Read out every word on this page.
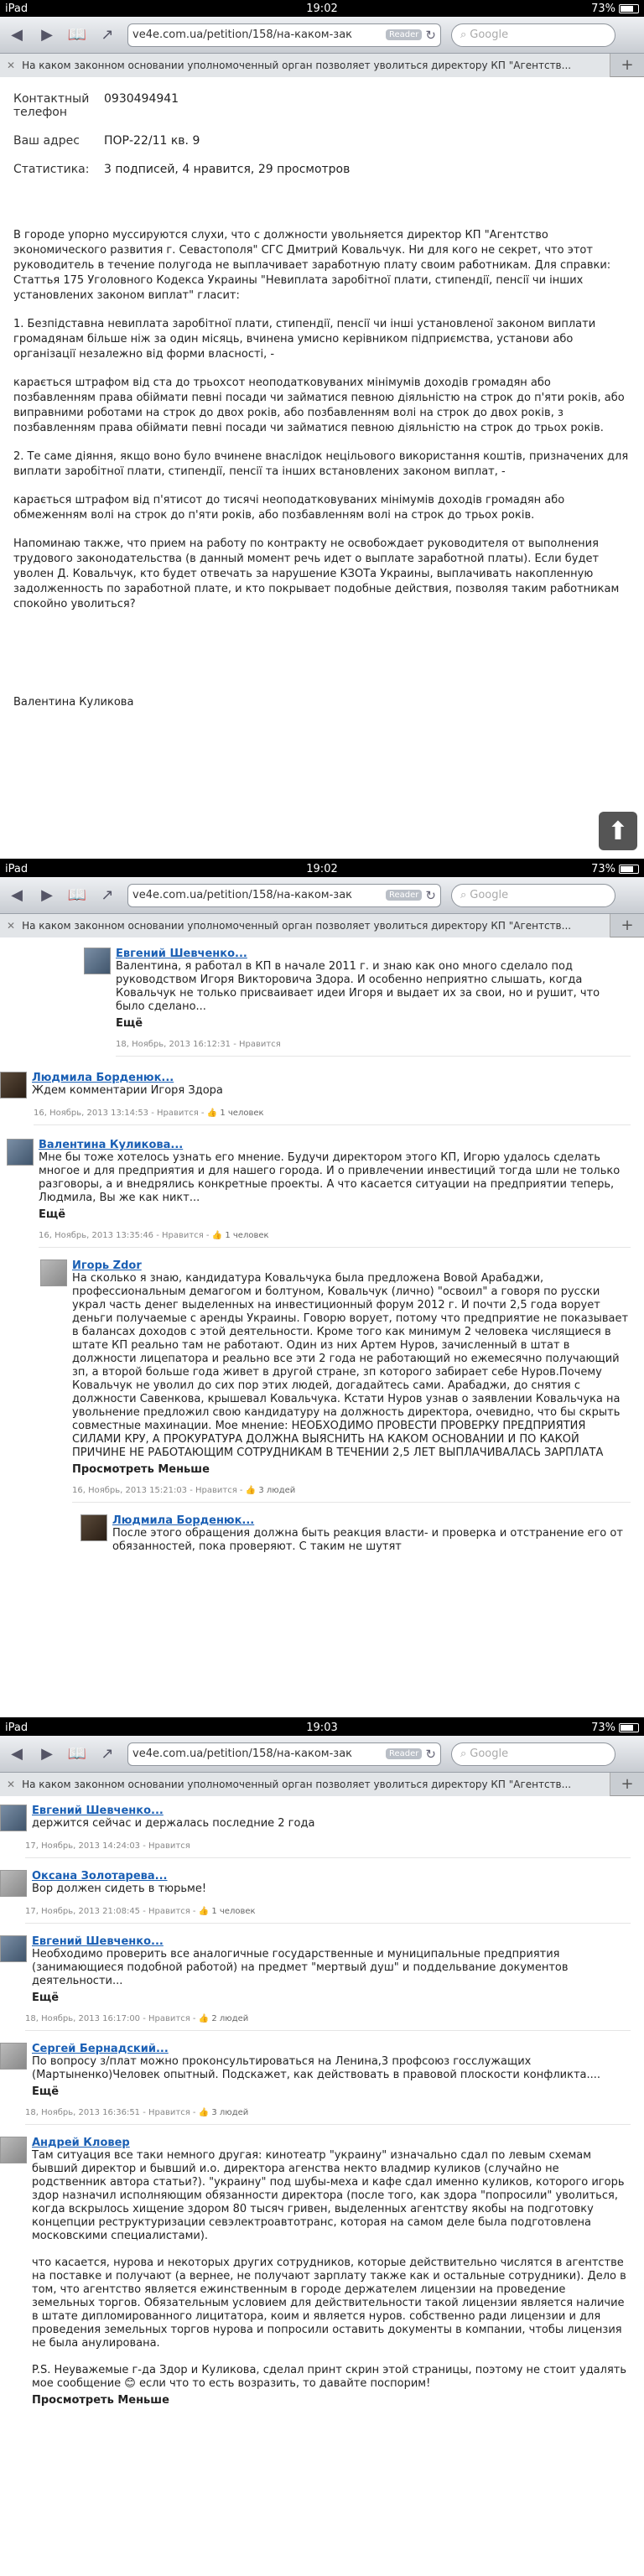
iPad	19:02	73%
◀ ▶ 📖 ↗	ve4e.com.ua/petition/158/на-каком-зак	Reader ↻ ⌕ Google
✕ На каком законном основании уполномоченный орган позволяет уволиться директору КП "Агентств...	+
Контактный телефон
0930494941
Ваш адрес	ПОР-22/11 кв. 9
Статистика:	3 подписей, 4 нравится, 29 просмотров

В городе упорно муссируются слухи, что с должности увольняется директор КП "Агентство экономического развития г. Севастополя" СГС Дмитрий Ковальчук. Ни для кого не секрет, что этот руководитель в течение полугода не выплачивает заработную плату своим работникам. Для справки: Статтья 175 Уголовного Кодекса Украины "Невиплата заробітної плати, стипендії, пенсії чи інших установлених законом виплат" гласит:

1. Безпідставна невиплата заробітної плати, стипендії, пенсії чи інші установленої законом виплати громадянам більше ніж за один місяць, вчинена умисно керівником підприємства, установи або організації незалежно від форми власності, -

карається штрафом від ста до трьохсот неоподатковуваних мінімумів доходів громадян або позбавленням права обіймати певні посади чи займатися певною діяльністю на строк до п'яти років, або виправними роботами на строк до двох років, або позбавленням волі на строк до двох років, з позбавленням права обіймати певні посади чи займатися певною діяльністю на строк до трьох років.

2. Те саме діяння, якщо воно було вчинене внаслідок нецільового використання коштів, призначених для виплати заробітної плати, стипендії, пенсії та інших встановлених законом виплат, -

карається штрафом від п'ятисот до тисячі неоподатковуваних мінімумів доходів громадян або обмеженням волі на строк до п'яти років, або позбавленням волі на строк до трьох років.

Напоминаю также, что прием на работу по контракту не освобождает руководителя от выполнения трудового законодательства (в данный момент речь идет о выплате заработной платы). Если будет уволен Д. Ковальчук, кто будет отвечать за нарушение КЗОТа Украины, выплачивать накопленную задолженность по заработной плате, и кто покрывает подобные действия, позволяя таким работникам спокойно уволиться?

Валентина Куликова
⬆
iPad	19:02	73%
◀ ▶ 📖 ↗	ve4e.com.ua/petition/158/на-каком-зак	Reader ↻ ⌕ Google
✕ На каком законном основании уполномоченный орган позволяет уволиться директору КП "Агентств...	+
Евгений Шевченко...
Валентина, я работал в КП в начале 2011 г. и знаю как оно много сделало под руководством Игоря Викторовича Здора. И особенно неприятно слышать, когда Ковальчук не только присваивает идеи Игоря и выдает их за свои, но и рушит, что было сделано...
Ещё
18, Ноябрь, 2013 16:12:31 - Нравится
Людмила Борденюк...
Ждем комментарии Игоря Здора
16, Ноябрь, 2013 13:14:53 - Нравится - 👍 1 человек
Валентина Куликова...
Мне бы тоже хотелось узнать его мнение. Будучи директором этого КП, Игорю удалось сделать многое и для предприятия и для нашего города. И о привлечении инвестиций тогда шли не только разговоры, а и внедрялись конкретные проекты. А что касается ситуации на предприятии теперь, Людмила, Вы же как никт...
Ещё
16, Ноябрь, 2013 13:35:46 - Нравится - 👍 1 человек
Игорь Zdor
На сколько я знаю, кандидатура Ковальчука была предложена Вовой Арабаджи, профессиональным демагогом и болтуном, Ковальчук (лично) "освоил" а говоря по русски украл часть денег выделенных на инвестиционный форум 2012 г. И почти 2,5 года ворует деньги получаемые с аренды Украины. Говорю ворует, потому что предприятие не показывает в балансах доходов с этой деятельности. Кроме того как минимум 2 человека числящиеся в штате КП реально там не работают. Один из них Артем Нуров, зачисленный в штат в должности лицепатора и реально все эти 2 года не работающий но ежемесячно получающий зп, а второй больше года живет в другой стране, зп которого забирает себе Нуров.Почему Ковальчук не уволил до сих пор этих людей, догадайтесь сами. Арабаджи, до снятия с должности Савенкова, крышевал Ковальчука. Кстати Нуров узнав о заявлении Ковальчука на увольнение предложил свою кандидатуру на должность директора, очевидно, что бы скрыть совместные махинации. Мое мнение: НЕОБХОДИМО ПРОВЕСТИ ПРОВЕРКУ ПРЕДПРИЯТИЯ СИЛАМИ КРУ, А ПРОКУРАТУРА ДОЛЖНА ВЫЯСНИТЬ НА КАКОМ ОСНОВАНИИ И ПО КАКОЙ ПРИЧИНЕ НЕ РАБОТАЮЩИМ СОТРУДНИКАМ В ТЕЧЕНИИ 2,5 ЛЕТ ВЫПЛАЧИВАЛАСЬ ЗАРПЛАТА
Просмотреть Меньше
16, Ноябрь, 2013 15:21:03 - Нравится - 👍 3 людей
Людмила Борденюк...
После этого обращения должна быть реакция власти- и проверка и отстранение его от обязанностей, пока проверяют. С таким не шутят
iPad	19:03	73%
◀ ▶ 📖 ↗	ve4e.com.ua/petition/158/на-каком-зак	Reader ↻ ⌕ Google
✕ На каком законном основании уполномоченный орган позволяет уволиться директору КП "Агентств...	+
Евгений Шевченко...
держится сейчас и держалась последние 2 года
17, Ноябрь, 2013 14:24:03 - Нравится
Оксана Золотарева...
Вор должен сидеть в тюрьме!
17, Ноябрь, 2013 21:08:45 - Нравится - 👍 1 человек
Евгений Шевченко...
Необходимо проверить все аналогичные государственные и муниципальные предприятия (занимающиеся подобной работой) на предмет "мертвый душ" и поддельвание документов деятельности...
Ещё
18, Ноябрь, 2013 16:17:00 - Нравится - 👍 2 людей
Сергей Бернадский...
По вопросу з/плат можно проконсультироваться на Ленина,3 профсоюз госслужащих (Мартыненко)Человек опытный. Подскажет, как действовать в правовой плоскости конфликта....
Ещё
18, Ноябрь, 2013 16:36:51 - Нравится - 👍 3 людей
Андрей Кловер
Там ситуация все таки немного другая: кинотеатр "украину" изначально сдал по левым схемам бывший директор и бывший и.о. директора агенства некто владмир куликов (случайно не родственник автора статьи?). "украину" под шубы-меха и кафе сдал именно куликов, которого игорь здор назначил исполняющим обязанности директора (после того, как здора "попросили" уволиться, когда вскрылось хищение здором 80 тысяч гривен, выделенных агентству якобы на подготовку концепции реструктуризации севэлектроавтотранс, которая на самом деле была подготовлена московскими специалистами).

что касается, нурова и некоторых других сотрудников, которые действительно числятся в агентстве на поставке и получают (а вернее, не получают зарплату также как и остальные сотрудники). Дело в том, что агентство является ежинственным в городе держателем лицензии на проведение земельных торгов. Обязательным условием для действительности такой лицензии является наличие в штате дипломированного лицитатора, коим и является нуров. собственно ради лицензии и для проведения земельных торгов нурова и попросили оставить документы в компании, чтобы лицензия не была анулирована.

P.S. Неуважемые г-да Здор и Куликова, сделал принт скрин этой страницы, поэтому не стоит удалять мое сообщение 😊 если что то есть возразить, то давайте поспорим!
Просмотреть Меньше
